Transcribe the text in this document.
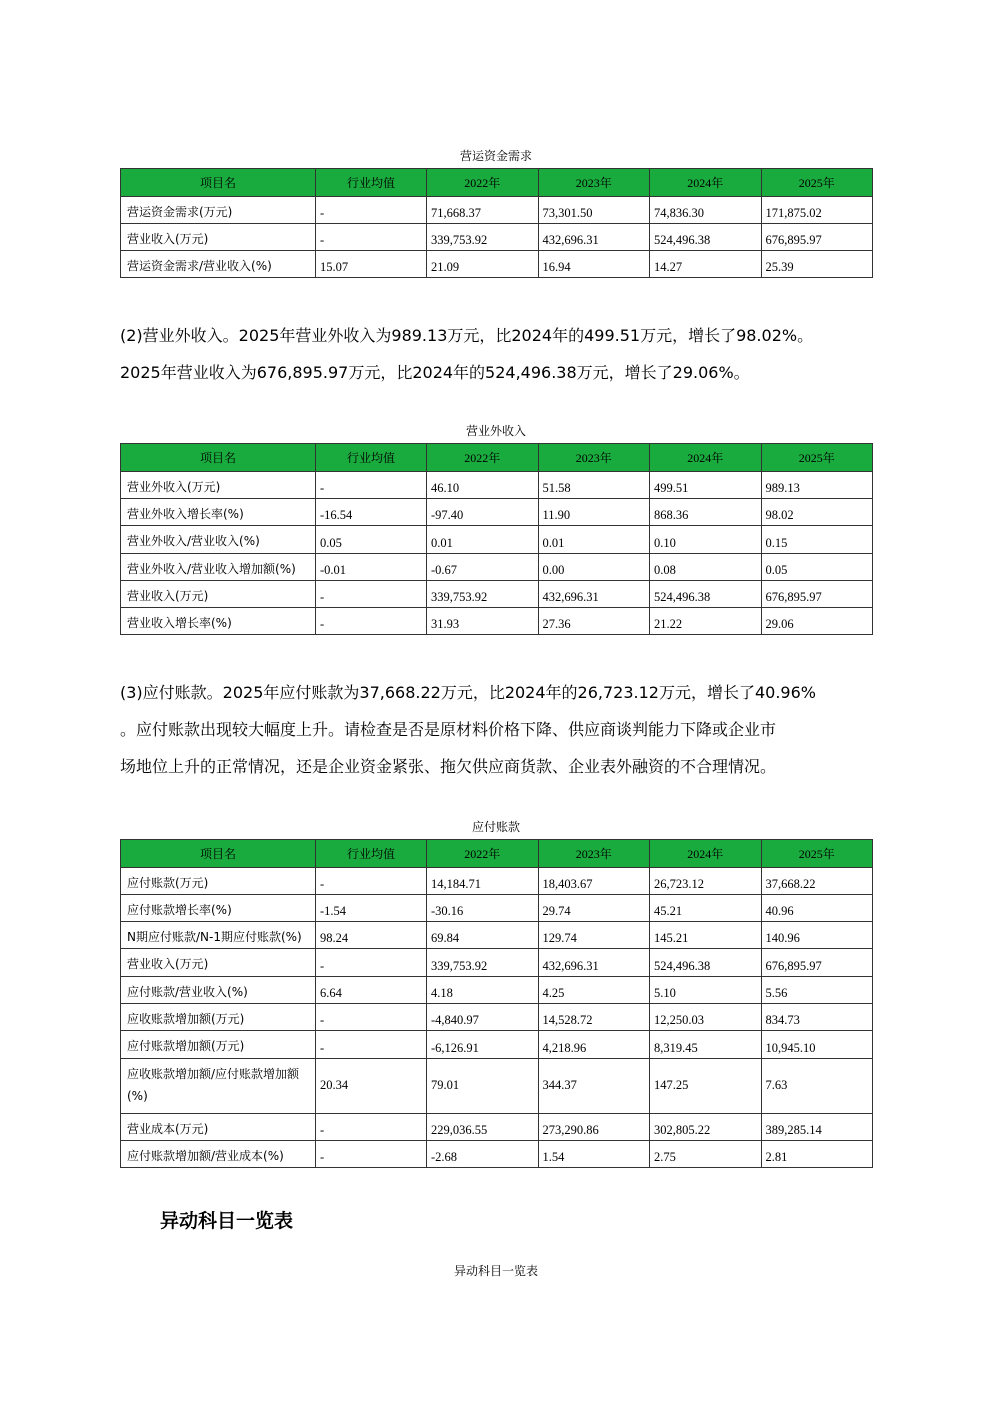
营运资金需求
项目名	行业均值	2022年	2023年	2024年	2025年
营运资金需求(万元)	-	71,668.37	73,301.50	74,836.30	171,875.02
营业收入(万元)	-	339,753.92	432,696.31	524,496.38	676,895.97
营运资金需求/营业收入(%)	15.07	21.09	16.94	14.27	25.39

(2)营业外收入。2025年营业外收入为989.13万元，比2024年的499.51万元，增长了98.02%。

2025年营业收入为676,895.97万元，比2024年的524,496.38万元，增长了29.06%。

营业外收入
项目名	行业均值	2022年	2023年	2024年	2025年
营业外收入(万元)	-	46.10	51.58	499.51	989.13
营业外收入增长率(%)	-16.54	-97.40	11.90	868.36	98.02
营业外收入/营业收入(%)	0.05	0.01	0.01	0.10	0.15
营业外收入/营业收入增加额(%)	-0.01	-0.67	0.00	0.08	0.05
营业收入(万元)	-	339,753.92	432,696.31	524,496.38	676,895.97
营业收入增长率(%)	-	31.93	27.36	21.22	29.06

(3)应付账款。2025年应付账款为37,668.22万元，比2024年的26,723.12万元，增长了40.96%

。应付账款出现较大幅度上升。请检查是否是原材料价格下降、供应商谈判能力下降或企业市

场地位上升的正常情况，还是企业资金紧张、拖欠供应商货款、企业表外融资的不合理情况。

应付账款
项目名	行业均值	2022年	2023年	2024年	2025年
应付账款(万元)	-	14,184.71	18,403.67	26,723.12	37,668.22
应付账款增长率(%)	-1.54	-30.16	29.74	45.21	40.96
N期应付账款/N-1期应付账款(%)	98.24	69.84	129.74	145.21	140.96
营业收入(万元)	-	339,753.92	432,696.31	524,496.38	676,895.97
应付账款/营业收入(%)	6.64	4.18	4.25	5.10	5.56
应收账款增加额(万元)	-	-4,840.97	14,528.72	12,250.03	834.73
应付账款增加额(万元)	-	-6,126.91	4,218.96	8,319.45	10,945.10
应收账款增加额/应付账款增加额(%)	20.34	79.01	344.37	147.25	7.63
营业成本(万元)	-	229,036.55	273,290.86	302,805.22	389,285.14
应付账款增加额/营业成本(%)	-	-2.68	1.54	2.75	2.81
异动科目一览表
异动科目一览表
